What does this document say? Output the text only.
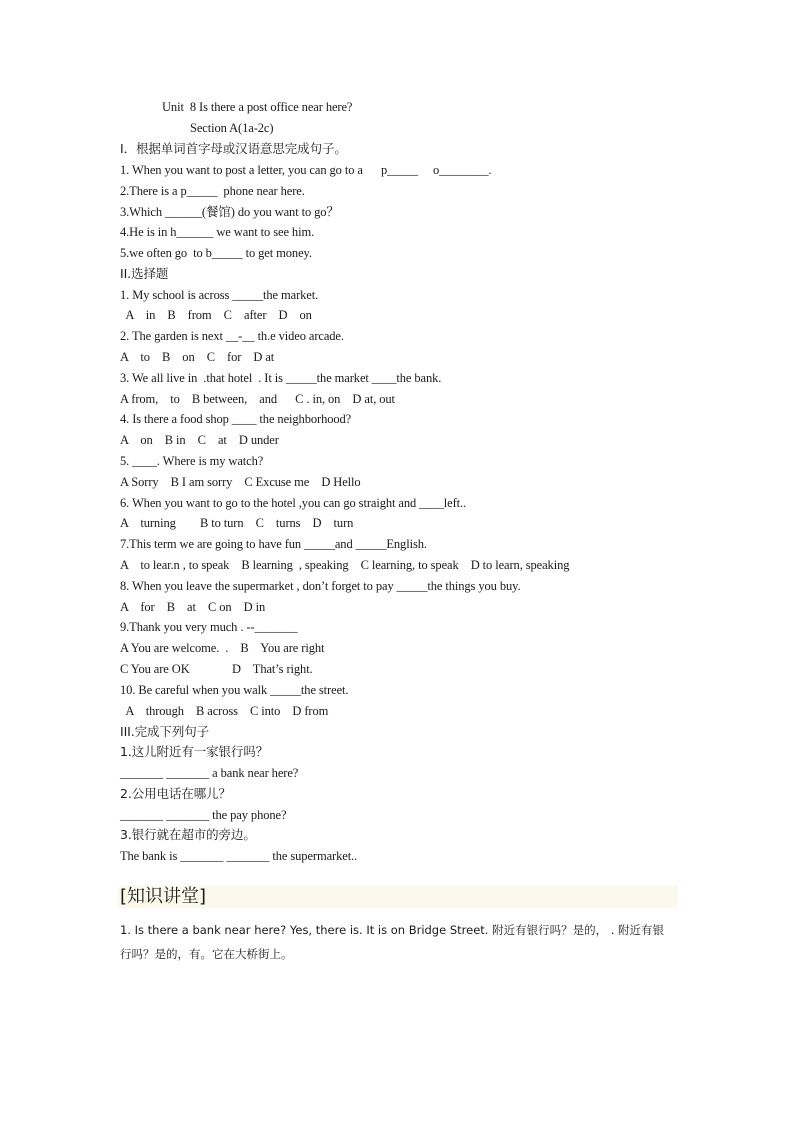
Unit  8 Is there a post office near here?
Section A(1a-2c)
I．根据单词首字母或汉语意思完成句子。
1. When you want to post a letter, you can go to a      p_____     o________.
2.There is a p_____  phone near here.
3.Which ______(餐馆) do you want to go？
4.He is in h______ we want to see him.
5.we often go  to b_____ to get money.
II.选择题
1. My school is across _____the market.
A    in    B    from    C    after    D    on
2. The garden is next __-__ th.e video arcade.
A    to    B    on    C    for    D at
3. We all live in  .that hotel  . It is _____the market ____the bank.
A from,    to    B between,    and      C . in, on    D at, out
4. Is there a food shop ____ the neighborhood?
A    on    B in    C    at    D under
5. ____. Where is my watch?
A Sorry    B I am sorry    C Excuse me    D Hello
6. When you want to go to the hotel ,you can go straight and ____left..
A    turning        B to turn    C    turns    D    turn
7.This term we are going to have fun _____and _____English.
A    to lear.n , to speak    B learning  , speaking    C learning, to speak    D to learn, speaking
8. When you leave the supermarket , don’t forget to pay _____the things you buy.
A    for    B    at    C on    D in
9.Thank you very much . --_______
A You are welcome.  .    B    You are right
C You are OK              D    That’s right.
10. Be careful when you walk _____the street.
A    through    B across    C into    D from
III.完成下列句子
1.这儿附近有一家银行吗？
_______ _______ a bank near here?
2.公用电话在哪儿？
_______ _______ the pay phone?
3.银行就在超市的旁边。
The bank is _______ _______ the supermarket..
[知识讲堂]
1. Is there a bank near here? Yes, there is. It is on Bridge Street. 附近有银行吗？是的， . 附近有银行吗？是的，有。它在大桥街上。
